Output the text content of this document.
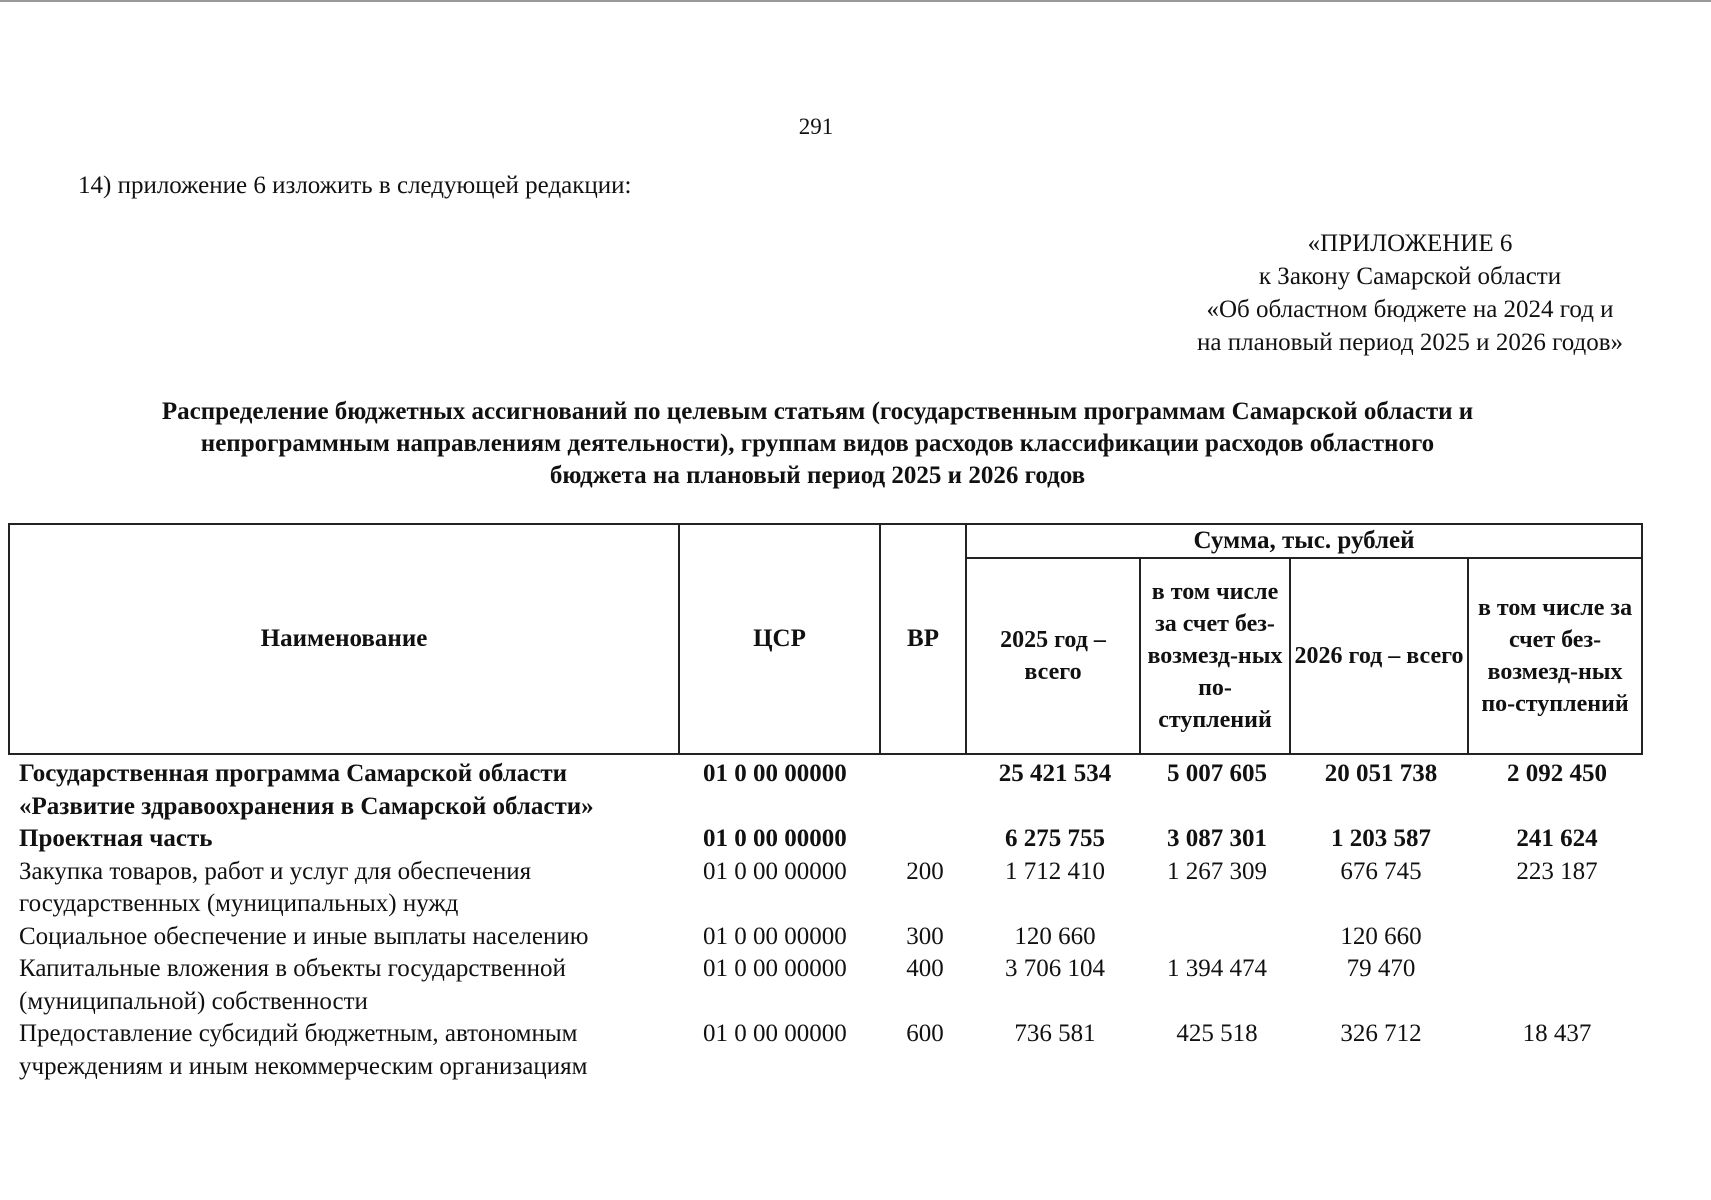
291
14) приложение 6 изложить в следующей редакции:
«ПРИЛОЖЕНИЕ 6
к Закону Самарской области
«Об областном бюджете на 2024 год и
на плановый период 2025 и 2026 годов»
Распределение бюджетных ассигнований по целевым статьям (государственным программам Самарской области и
непрограммным направлениям деятельности), группам видов расходов классификации расходов областного
бюджета на плановый период 2025 и 2026 годов
Наименование	ЦСР	ВР	Сумма, тыс. рублей			
			2025 год – всего	в том числе за счет без-возмезд-ных по-ступлений	2026 год – всего	в том числе за счет без-возмезд-ных по-ступлений
Государственная программа Самарской области «Развитие здравоохранения в Самарской области»	01 0 00 00000		25 421 534	5 007 605	20 051 738	2 092 450
Проектная часть	01 0 00 00000		6 275 755	3 087 301	1 203 587	241 624
Закупка товаров, работ и услуг для обеспечения государственных (муниципальных) нужд	01 0 00 00000	200	1 712 410	1 267 309	676 745	223 187
Социальное обеспечение и иные выплаты населению	01 0 00 00000	300	120 660		120 660	
Капитальные вложения в объекты государственной (муниципальной) собственности	01 0 00 00000	400	3 706 104	1 394 474	79 470	
Предоставление субсидий бюджетным, автономным учреждениям и иным некоммерческим организациям	01 0 00 00000	600	736 581	425 518	326 712	18 437
